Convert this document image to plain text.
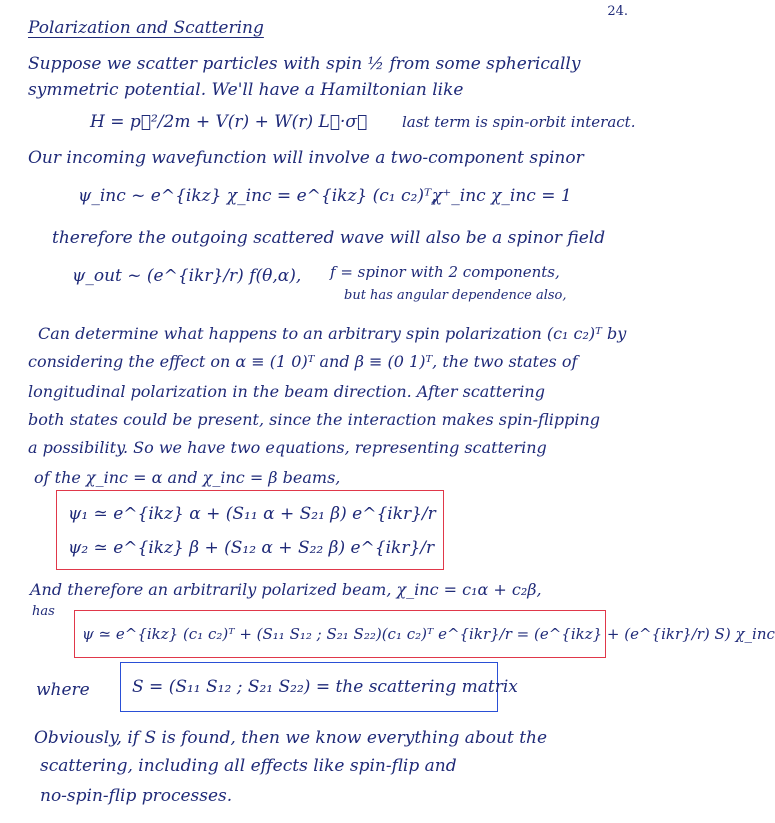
24.
Polarization and Scattering
Suppose we scatter particles with spin ½ from some spherically
symmetric potential. We'll have a Hamiltonian like
H = p⃗²/2m + V(r) + W(r) L⃗·σ⃗ last term is spin-orbit interact.
Our incoming wavefunction will involve a two-component spinor
ψ_inc ~ e^{ikz} χ_inc = e^{ikz} (c₁ c₂)ᵀ,
χ⁺_inc χ_inc = 1
therefore the outgoing scattered wave will also be a spinor field
ψ_out ~ (e^{ikr}/r) f(θ,α), f = spinor with 2 components,
but has angular dependence also,
Can determine what happens to an arbitrary spin polarization (c₁ c₂)ᵀ by
considering the effect on α ≡ (1 0)ᵀ and β ≡ (0 1)ᵀ, the two states of
longitudinal polarization in the beam direction. After scattering
both states could be present, since the interaction makes spin-flipping
a possibility. So we have two equations, representing scattering
of the χ_inc = α and χ_inc = β beams,
ψ₁ ≃ e^{ikz} α + (S₁₁ α + S₂₁ β) e^{ikr}/r
ψ₂ ≃ e^{ikz} β + (S₁₂ α + S₂₂ β) e^{ikr}/r
And therefore an arbitrarily polarized beam, χ_inc = c₁α + c₂β,
has
ψ ≃ e^{ikz} (c₁ c₂)ᵀ + (S₁₁ S₁₂ ; S₂₁ S₂₂)(c₁ c₂)ᵀ e^{ikr}/r = (e^{ikz} + (e^{ikr}/r) S) χ_inc
where S = (S₁₁ S₁₂ ; S₂₁ S₂₂) = the scattering matrix
Obviously, if S is found, then we know everything about the
scattering, including all effects like spin-flip and
no-spin-flip processes.
